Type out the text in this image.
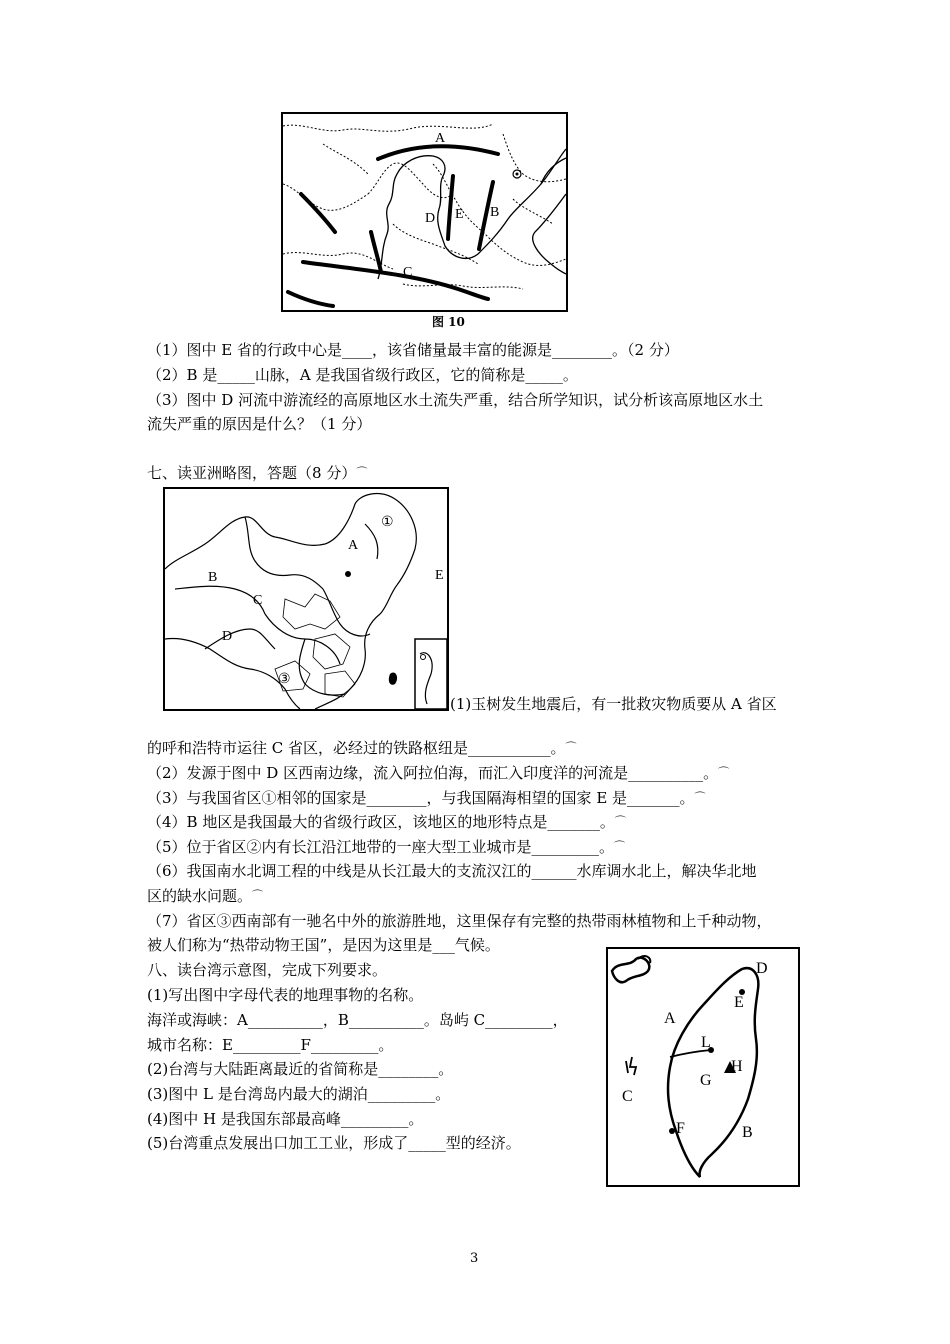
A
D E B
C
图 10
（1）图中 E 省的行政中心是____，该省储量最丰富的能源是________。（2 分）
（2）B 是_____山脉，A 是我国省级行政区，它的简称是_____。
（3）图中 D 河流中游流经的高原地区水土流失严重，结合所学知识，试分析该高原地区水土
流失严重的原因是什么？（1 分）
七、读亚洲略图，答题（8 分）⌒
①
A
B
C
D
E
③
(1)玉树发生地震后，有一批救灾物质要从 A 省区
的呼和浩特市运往 C 省区，必经过的铁路枢纽是___________。⌒
（2）发源于图中 D 区西南边缘，流入阿拉伯海，而汇入印度洋的河流是__________。⌒
（3）与我国省区①相邻的国家是________，与我国隔海相望的国家 E 是_______。⌒
（4）B 地区是我国最大的省级行政区，该地区的地形特点是_______。⌒
（5）位于省区②内有长江沿江地带的一座大型工业城市是_________。⌒
（6）我国南水北调工程的中线是从长江最大的支流汉江的______水库调水北上，解决华北地
区的缺水问题。⌒
（7）省区③西南部有一驰名中外的旅游胜地，这里保存有完整的热带雨林植物和上千种动物，
被人们称为“热带动物王国”，是因为这里是___气候。
八、读台湾示意图，完成下列要求。
(1)写出图中字母代表的地理事物的名称。
海洋或海峡：A__________，B__________。岛屿 C_________，
城市名称：E_________F_________。
(2)台湾与大陆距离最近的省简称是________。
(3)图中 L 是台湾岛内最大的湖泊_________。
(4)图中 H 是我国东部最高峰_________。
(5)台湾重点发展出口加工工业，形成了_____型的经济。
D
E
A
L
H
G
C
F	B
3
